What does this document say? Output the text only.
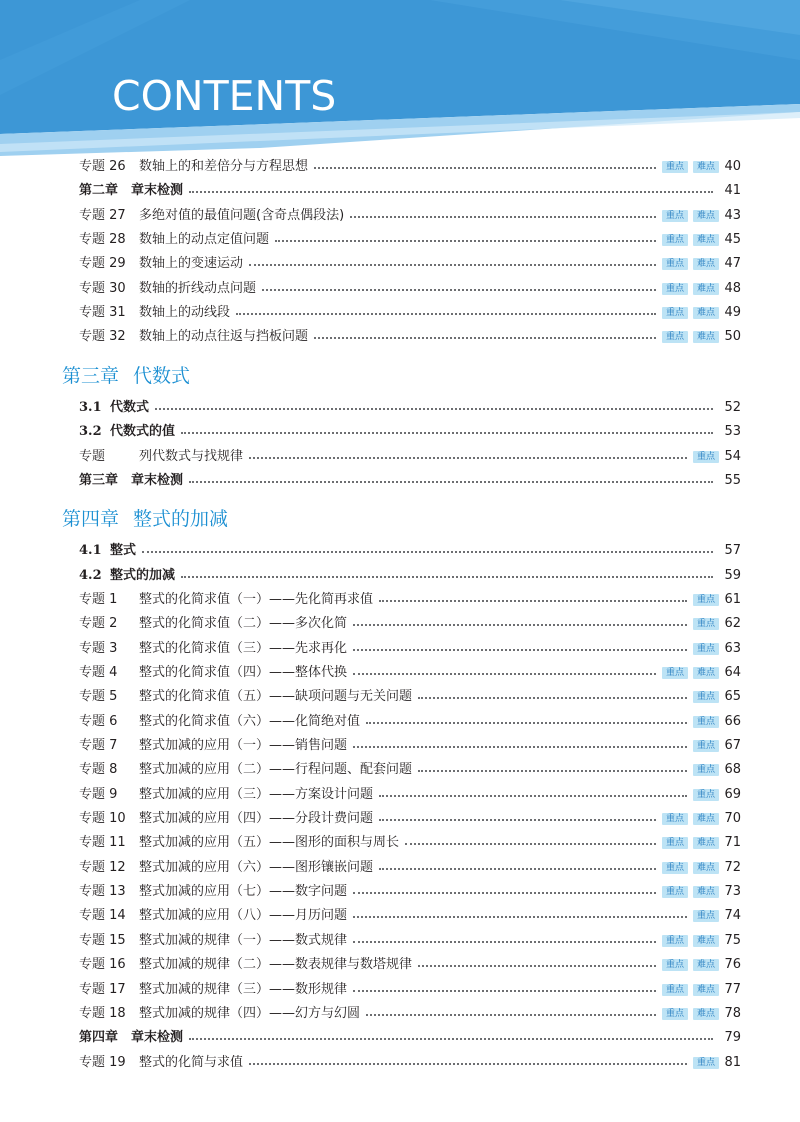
CONTENTS
专题 26 数轴上的和差倍分与方程思想	重点	难点 40
第二章 章末检测	41
专题 27 多绝对值的最值问题(含奇点偶段法)	重点	难点 43
专题 28 数轴上的动点定值问题	重点	难点 45
专题 29 数轴上的变速运动	重点	难点 47
专题 30 数轴的折线动点问题	重点	难点 48
专题 31 数轴上的动线段	重点	难点 49
专题 32 数轴上的动点往返与挡板问题	重点	难点 50
第三章 代数式
3.1 代数式	52
3.2 代数式的值	53
专题	列代数式与找规律	重点 54
第三章 章末检测	55
第四章 整式的加减
4.1 整式	57
4.2 整式的加减	59
专题 1 整式的化简求值（一）——先化简再求值	重点 61
专题 2 整式的化简求值（二）——多次化简	重点 62
专题 3 整式的化简求值（三）——先求再化	重点 63
专题 4 整式的化简求值（四）——整体代换	重点	难点 64
专题 5 整式的化简求值（五）——缺项问题与无关问题	重点 65
专题 6 整式的化简求值（六）——化简绝对值	重点 66
专题 7 整式加减的应用（一）——销售问题	重点 67
专题 8 整式加减的应用（二）——行程问题、配套问题	重点 68
专题 9 整式加减的应用（三）——方案设计问题	重点 69
专题 10 整式加减的应用（四）——分段计费问题	重点	难点 70
专题 11 整式加减的应用（五）——图形的面积与周长	重点	难点 71
专题 12 整式加减的应用（六）——图形镶嵌问题	重点	难点 72
专题 13 整式加减的应用（七）——数字问题	重点	难点 73
专题 14 整式加减的应用（八）——月历问题	重点 74
专题 15 整式加减的规律（一）——数式规律	重点	难点 75
专题 16 整式加减的规律（二）——数表规律与数塔规律	重点	难点 76
专题 17 整式加减的规律（三）——数形规律	重点	难点 77
专题 18 整式加减的规律（四）——幻方与幻圆	重点	难点 78
第四章 章末检测	79
专题 19 整式的化简与求值	重点 81
